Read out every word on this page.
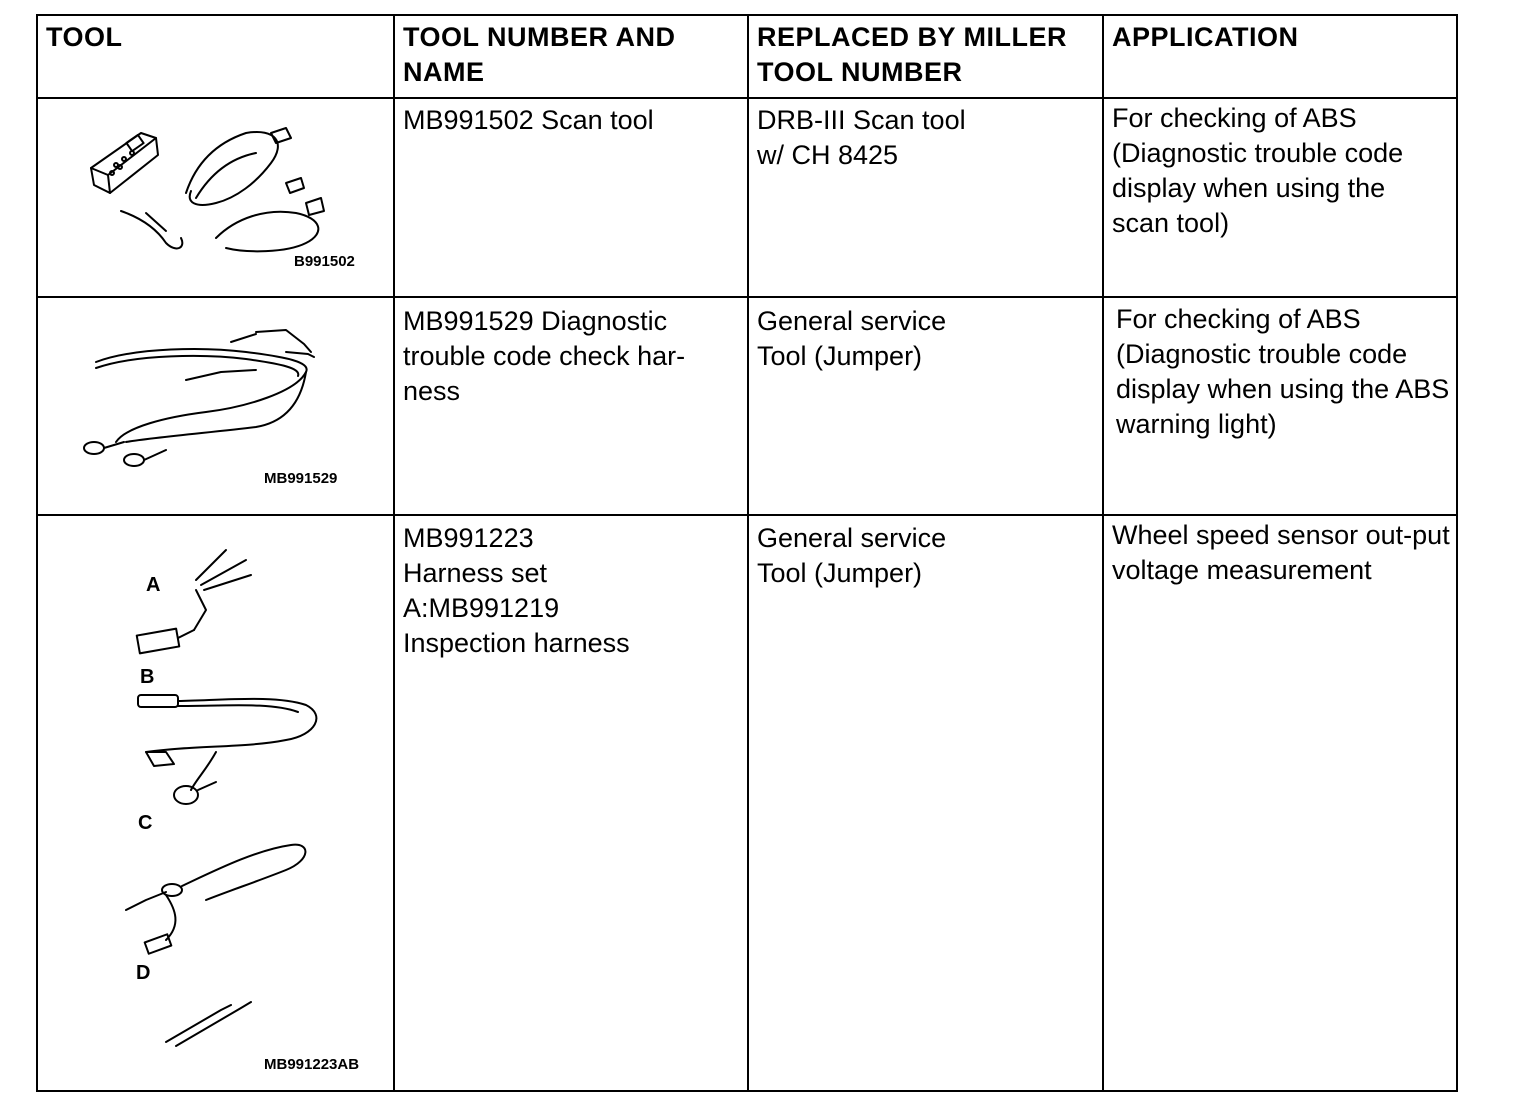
TOOL	TOOL NUMBER AND NAME
REPLACED BY MILLER TOOL NUMBER
APPLICATION
B991502
MB991502 Scan tool	DRB-III Scan tool
w/ CH 8425
For checking of ABS (Diagnostic trouble code display when using the scan tool)
MB991529
MB991529 Diagnostic trouble code check har-ness
General service
Tool (Jumper)
For checking of ABS (Diagnostic trouble code display when using the ABS warning light)
A
B
C
D
MB991223AB
MB991223
Harness set
A:MB991219
Inspection harness
General service
Tool (Jumper)
Wheel speed sensor out-put voltage measurement
